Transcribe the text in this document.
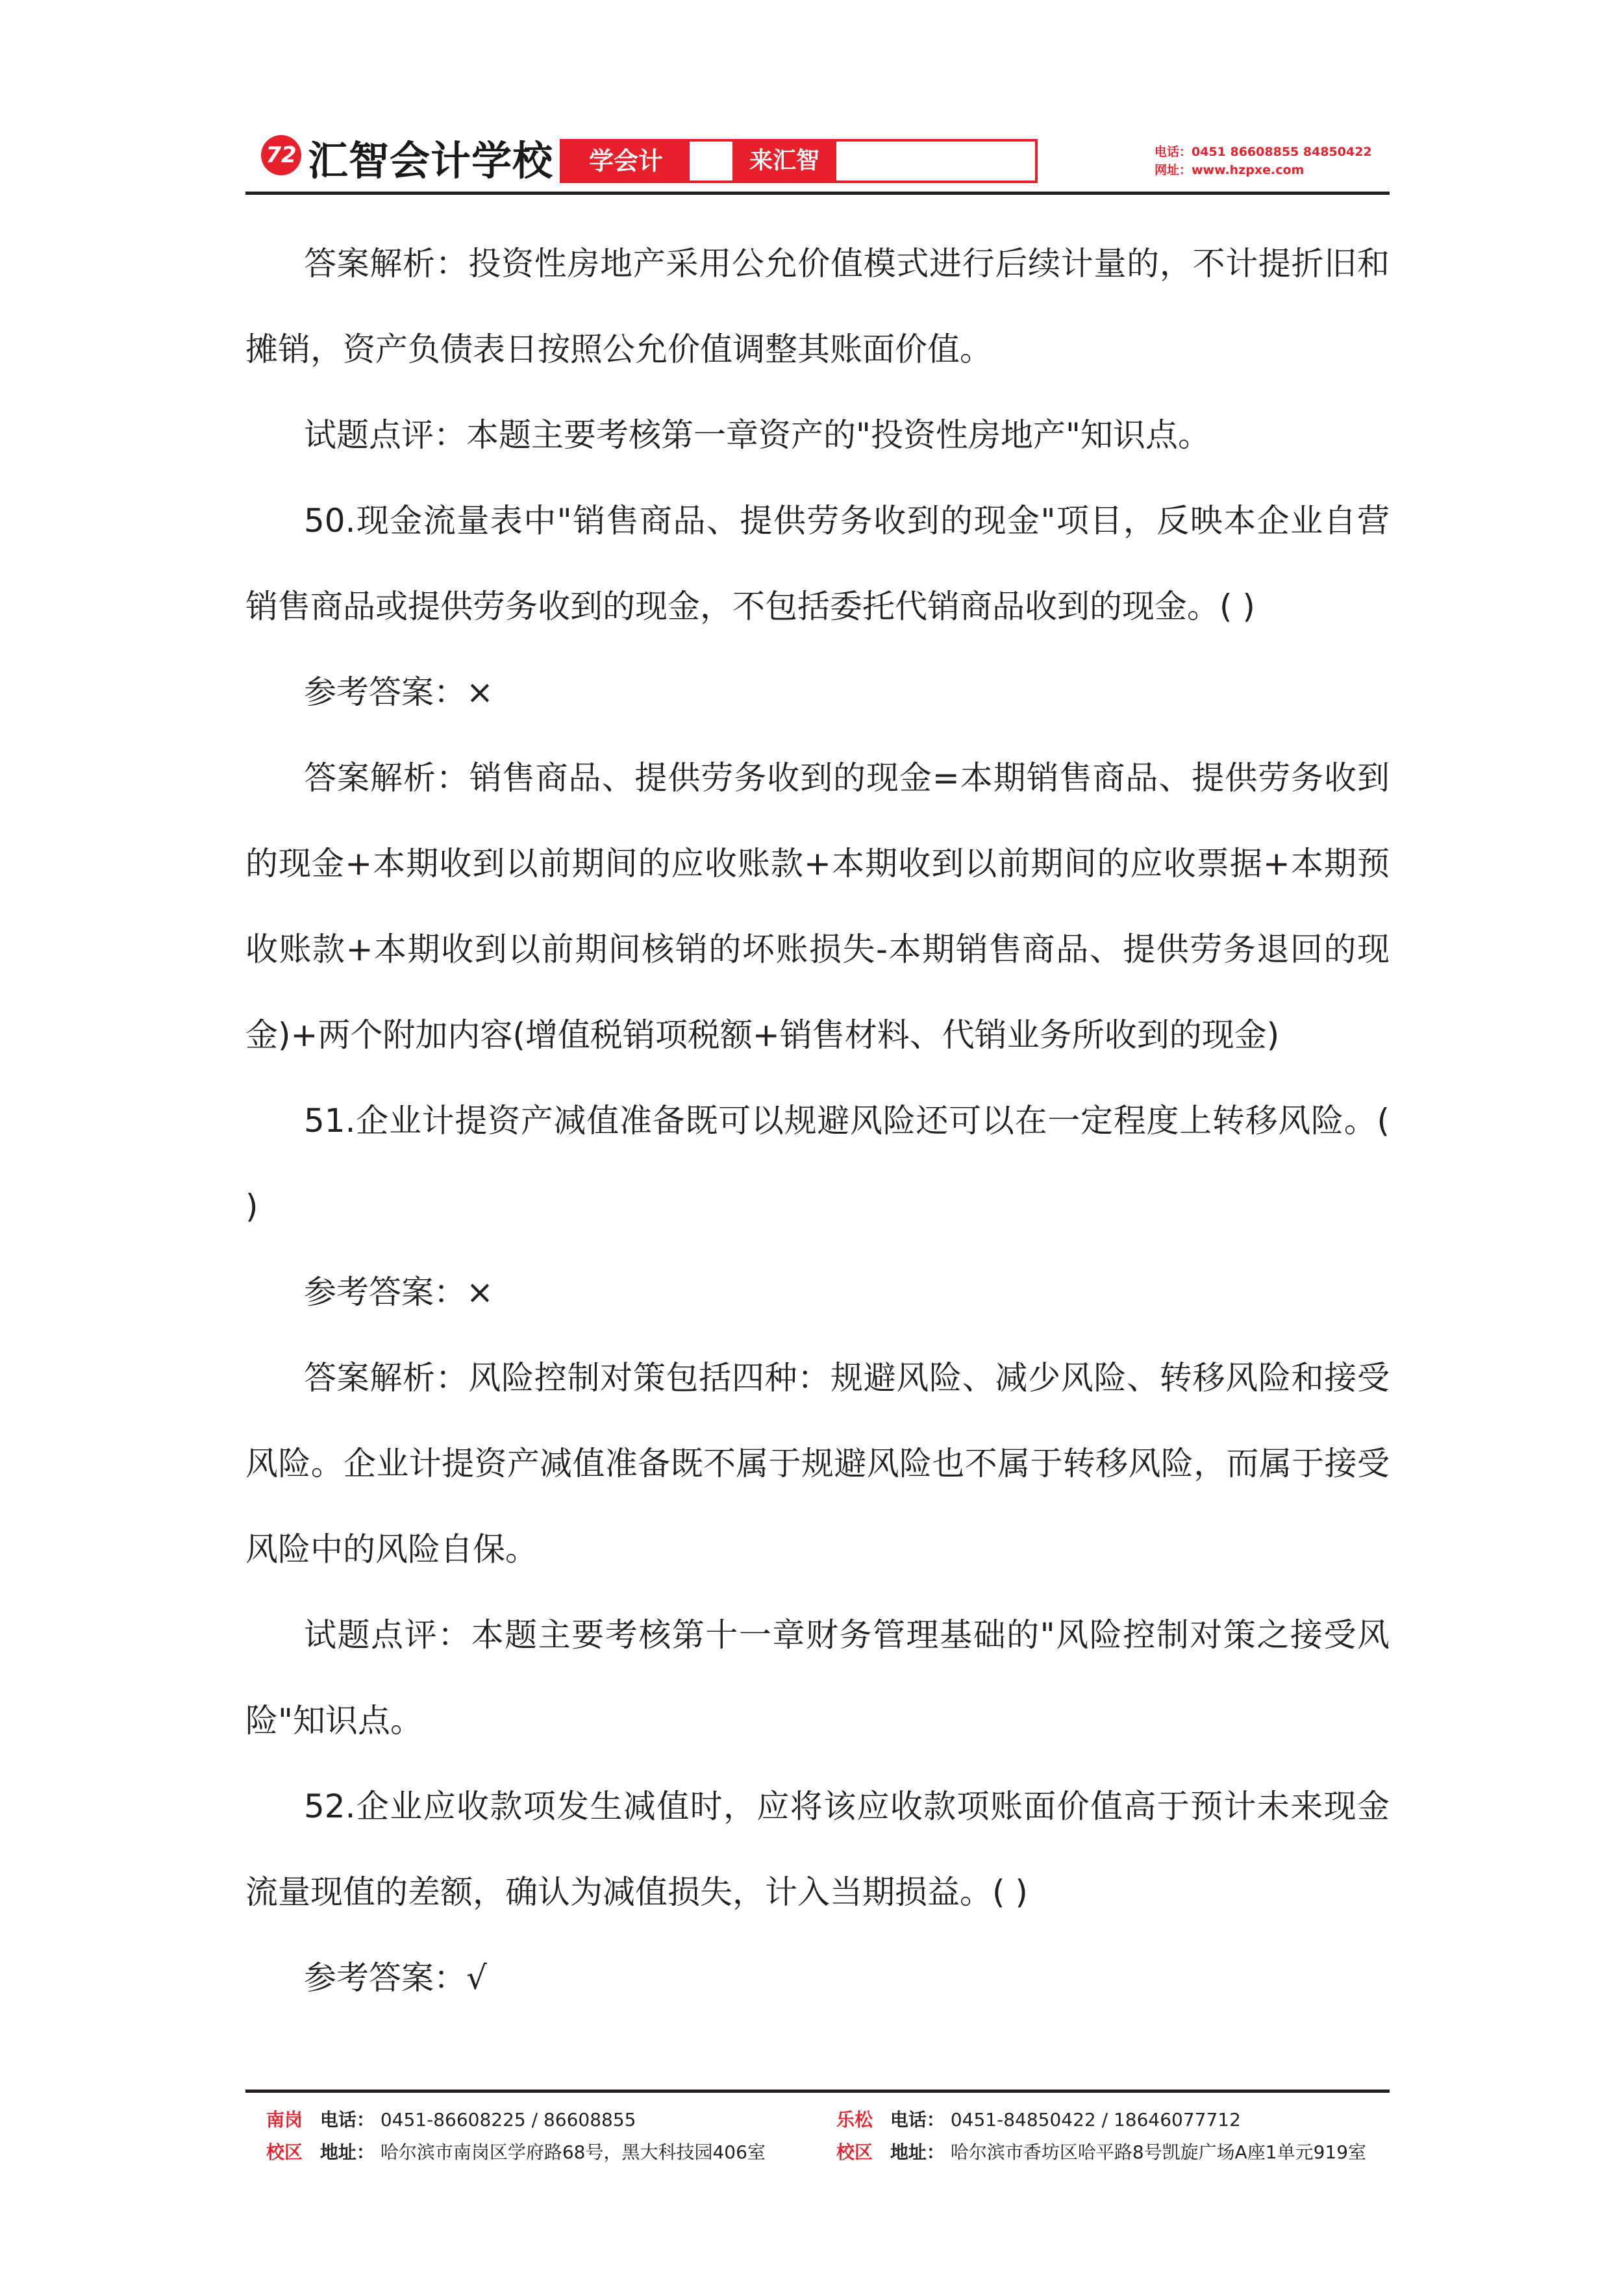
72 汇智会计学校	学会计	来汇智	电话：0451 86608855 84850422
网址：www.hzpxe.com

答案解析：投资性房地产采用公允价值模式进行后续计量的，不计提折旧和摊销，资产负债表日按照公允价值调整其账面价值。

试题点评：本题主要考核第一章资产的"投资性房地产"知识点。

50.现金流量表中"销售商品、提供劳务收到的现金"项目，反映本企业自营销售商品或提供劳务收到的现金，不包括委托代销商品收到的现金。( )

参考答案：×

答案解析：销售商品、提供劳务收到的现金=本期销售商品、提供劳务收到的现金+本期收到以前期间的应收账款+本期收到以前期间的应收票据+本期预收账款+本期收到以前期间核销的坏账损失-本期销售商品、提供劳务退回的现金)+两个附加内容(增值税销项税额+销售材料、代销业务所收到的现金)

51.企业计提资产减值准备既可以规避风险还可以在一定程度上转移风险。( )

参考答案：×

答案解析：风险控制对策包括四种：规避风险、减少风险、转移风险和接受风险。企业计提资产减值准备既不属于规避风险也不属于转移风险，而属于接受风险中的风险自保。

试题点评：本题主要考核第十一章财务管理基础的"风险控制对策之接受风险"知识点。

52.企业应收款项发生减值时，应将该应收款项账面价值高于预计未来现金流量现值的差额，确认为减值损失，计入当期损益。( )

参考答案：√

南岗 电话： 0451-86608225 / 86608855
校区 地址： 哈尔滨市南岗区学府路68号，黑大科技园406室
乐松 电话： 0451-84850422 / 18646077712
校区 地址： 哈尔滨市香坊区哈平路8号凯旋广场A座1单元919室
